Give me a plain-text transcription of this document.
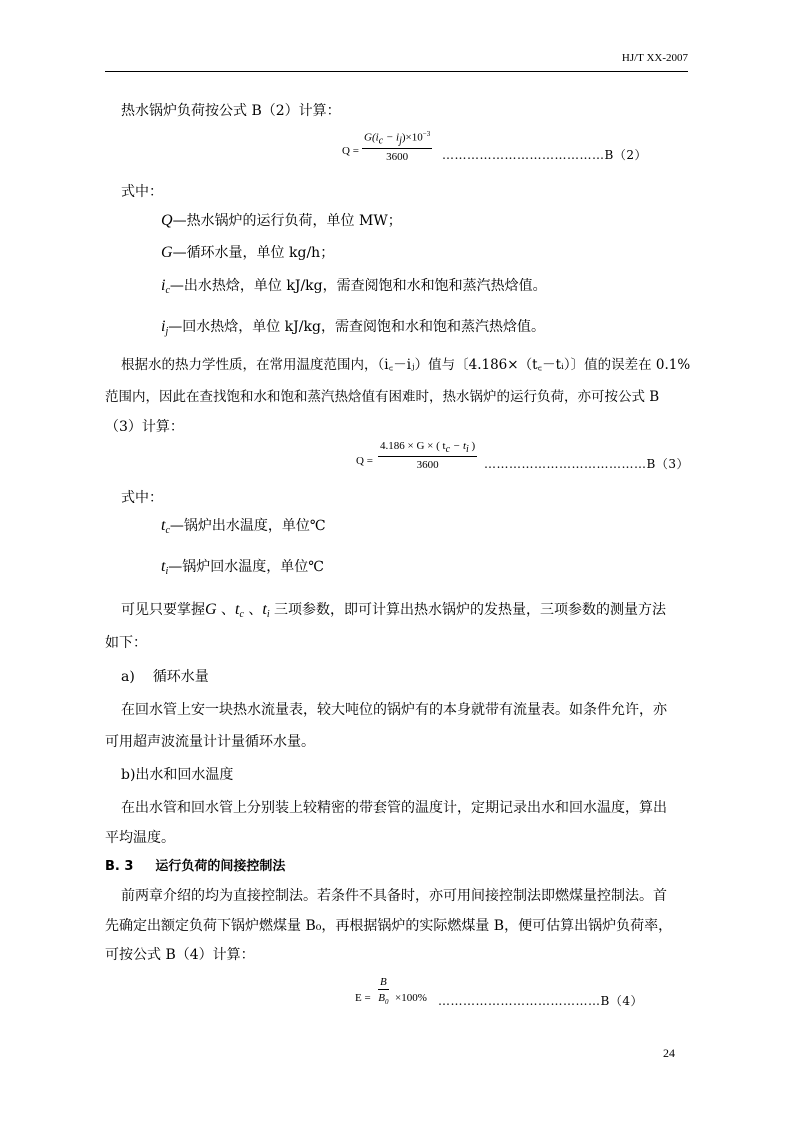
HJ/T XX-2007
热水锅炉负荷按公式 B（2）计算：
$Q = \frac{G(i_c - i_j)\times 10^{-3}}{3600}$ …………………………………B（2）
式中：
Q—热水锅炉的运行负荷，单位 MW；
G—循环水量，单位 kg/h；
$i_c—$出水热焓，单位 kJ/kg，需查阅饱和水和饱和蒸汽热焓值。
$i_j—$回水热焓，单位 kJ/kg，需查阅饱和水和饱和蒸汽热焓值。
根据水的热力学性质，在常用温度范围内，（i꜀－iⱼ）值与〔4.186×（t꜀－tᵢ）〕值的误差在 0.1%
范围内，因此在查找饱和水和饱和蒸汽热焓值有困难时，热水锅炉的运行负荷，亦可按公式 B
（3）计算：
$Q = \frac{4.186 \times G \times ( t_c - t_i )}{3600}$ …………………………………B（3）
式中：
$t_c—$锅炉出水温度，单位℃
$t_i—$锅炉回水温度，单位℃
可见只要掌握G 、$t_c$ 、$t_i$ 三项参数，即可计算出热水锅炉的发热量，三项参数的测量方法
如下：
a) 循环水量
在回水管上安一块热水流量表，较大吨位的锅炉有的本身就带有流量表。如条件允许，亦
可用超声波流量计计量循环水量。
b)出水和回水温度
在出水管和回水管上分别装上较精密的带套管的温度计，定期记录出水和回水温度，算出
平均温度。
B. 3 运行负荷的间接控制法
前两章介绍的均为直接控制法。若条件不具备时，亦可用间接控制法即燃煤量控制法。首
先确定出额定负荷下锅炉燃煤量 B₀，再根据锅炉的实际燃煤量 B，便可估算出锅炉负荷率，
可按公式 B（4）计算：
$E = \frac{B}{B_0} \times 100\%$ …………………………………B（4）
24
